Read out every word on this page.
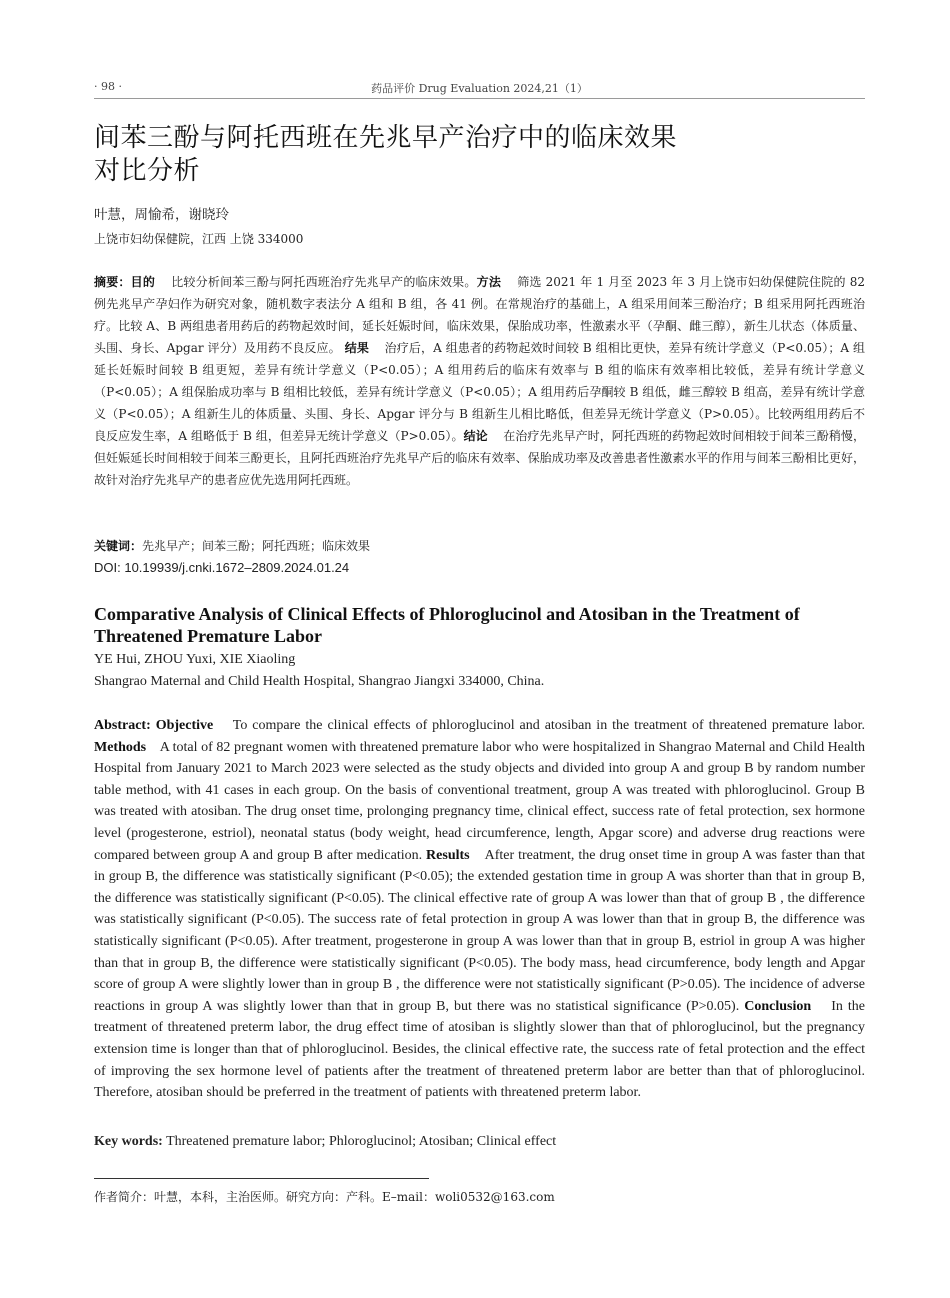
· 98 ·	药品评价 Drug Evaluation 2024,21（1）
间苯三酚与阿托西班在先兆早产治疗中的临床效果
对比分析
叶慧，周愉希，谢晓玲
上饶市妇幼保健院，江西 上饶 334000
摘要：目的 比较分析间苯三酚与阿托西班治疗先兆早产的临床效果。方法 筛选 2021 年 1 月至 2023 年 3 月上饶市妇幼保健院住院的 82 例先兆早产孕妇作为研究对象，随机数字表法分 A 组和 B 组，各 41 例。在常规治疗的基础上，A 组采用间苯三酚治疗；B 组采用阿托西班治疗。比较 A、B 两组患者用药后的药物起效时间，延长妊娠时间，临床效果，保胎成功率，性激素水平（孕酮、雌三醇），新生儿状态（体质量、头围、身长、Apgar 评分）及用药不良反应。 结果 治疗后，A 组患者的药物起效时间较 B 组相比更快，差异有统计学意义（P<0.05）；A 组延长妊娠时间较 B 组更短，差异有统计学意义（P<0.05）；A 组用药后的临床有效率与 B 组的临床有效率相比较低，差异有统计学意义（P<0.05）；A 组保胎成功率与 B 组相比较低，差异有统计学意义（P<0.05）；A 组用药后孕酮较 B 组低，雌三醇较 B 组高，差异有统计学意义（P<0.05）；A 组新生儿的体质量、头围、身长、Apgar 评分与 B 组新生儿相比略低，但差异无统计学意义（P>0.05）。比较两组用药后不良反应发生率，A 组略低于 B 组，但差异无统计学意义（P>0.05）。结论 在治疗先兆早产时，阿托西班的药物起效时间相较于间苯三酚稍慢，但妊娠延长时间相较于间苯三酚更长，且阿托西班治疗先兆早产后的临床有效率、保胎成功率及改善患者性激素水平的作用与间苯三酚相比更好，故针对治疗先兆早产的患者应优先选用阿托西班。
关键词：先兆早产；间苯三酚；阿托西班；临床效果
DOI: 10.19939/j.cnki.1672–2809.2024.01.24
Comparative Analysis of Clinical Effects of Phloroglucinol and Atosiban in the Treatment of Threatened Premature Labor
YE Hui, ZHOU Yuxi, XIE Xiaoling
Shangrao Maternal and Child Health Hospital, Shangrao Jiangxi 334000, China.
Abstract: Objective To compare the clinical effects of phloroglucinol and atosiban in the treatment of threatened premature labor. Methods A total of 82 pregnant women with threatened premature labor who were hospitalized in Shangrao Maternal and Child Health Hospital from January 2021 to March 2023 were selected as the study objects and divided into group A and group B by random number table method, with 41 cases in each group. On the basis of conventional treatment, group A was treated with phloroglucinol. Group B was treated with atosiban. The drug onset time, prolonging pregnancy time, clinical effect, success rate of fetal protection, sex hormone level (progesterone, estriol), neonatal status (body weight, head circumference, length, Apgar score) and adverse drug reactions were compared between group A and group B after medication. Results After treatment, the drug onset time in group A was faster than that in group B, the difference was statistically significant (P<0.05); the extended gestation time in group A was shorter than that in group B, the difference was statistically significant (P<0.05). The clinical effective rate of group A was lower than that of group B , the difference was statistically significant (P<0.05). The success rate of fetal protection in group A was lower than that in group B, the difference was statistically significant (P<0.05). After treatment, progesterone in group A was lower than that in group B, estriol in group A was higher than that in group B, the difference were statistically significant (P<0.05). The body mass, head circumference, body length and Apgar score of group A were slightly lower than in group B , the difference were not statistically significant (P>0.05). The incidence of adverse reactions in group A was slightly lower than that in group B, but there was no statistical significance (P>0.05). Conclusion In the treatment of threatened preterm labor, the drug effect time of atosiban is slightly slower than that of phloroglucinol, but the pregnancy extension time is longer than that of phloroglucinol. Besides, the clinical effective rate, the success rate of fetal protection and the effect of improving the sex hormone level of patients after the treatment of threatened preterm labor are better than that of phloroglucinol. Therefore, atosiban should be preferred in the treatment of patients with threatened preterm labor.
Key words: Threatened premature labor; Phloroglucinol; Atosiban; Clinical effect
作者简介：叶慧，本科，主治医师。研究方向：产科。E–mail：woli0532@163.com
